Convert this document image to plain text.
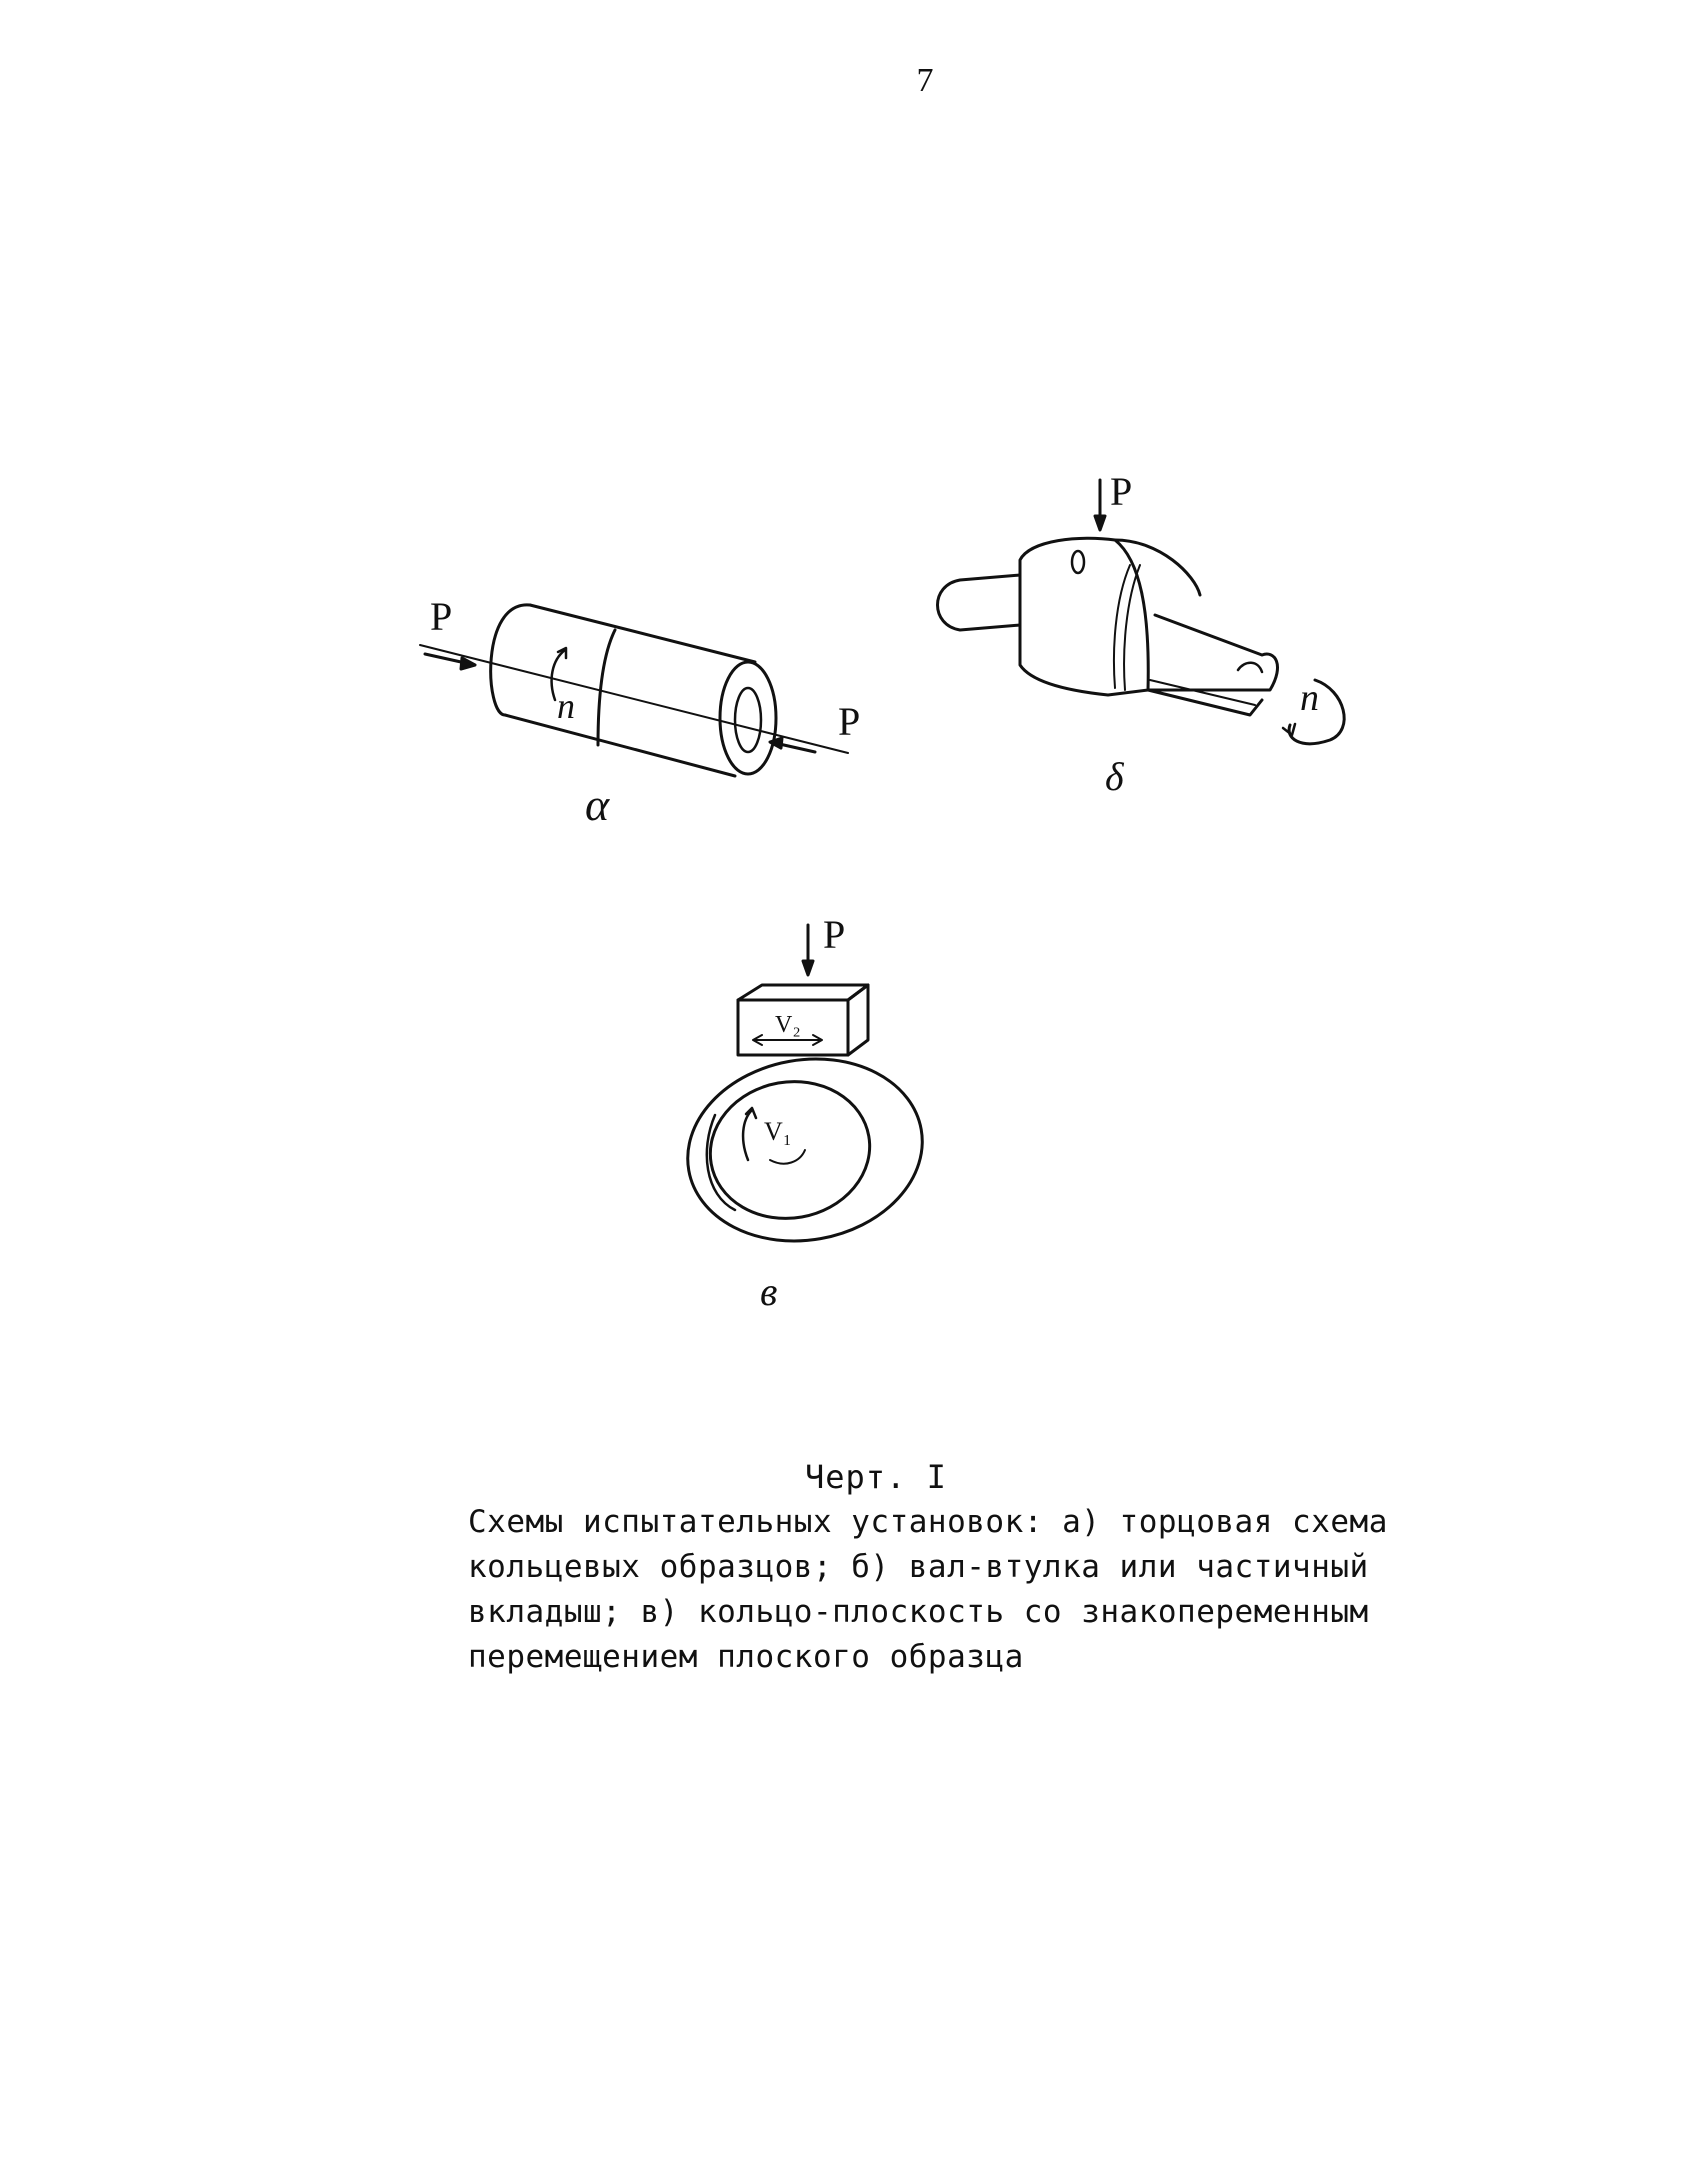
7
P
P
n
α
P
n
δ
P
V₂
V₁
в
Черт. I
Схемы испытательных установок: а) торцовая схема
кольцевых образцов; б) вал-втулка или частичный
вкладыш; в) кольцо-плоскость со знакопеременным
перемещением плоского образца
